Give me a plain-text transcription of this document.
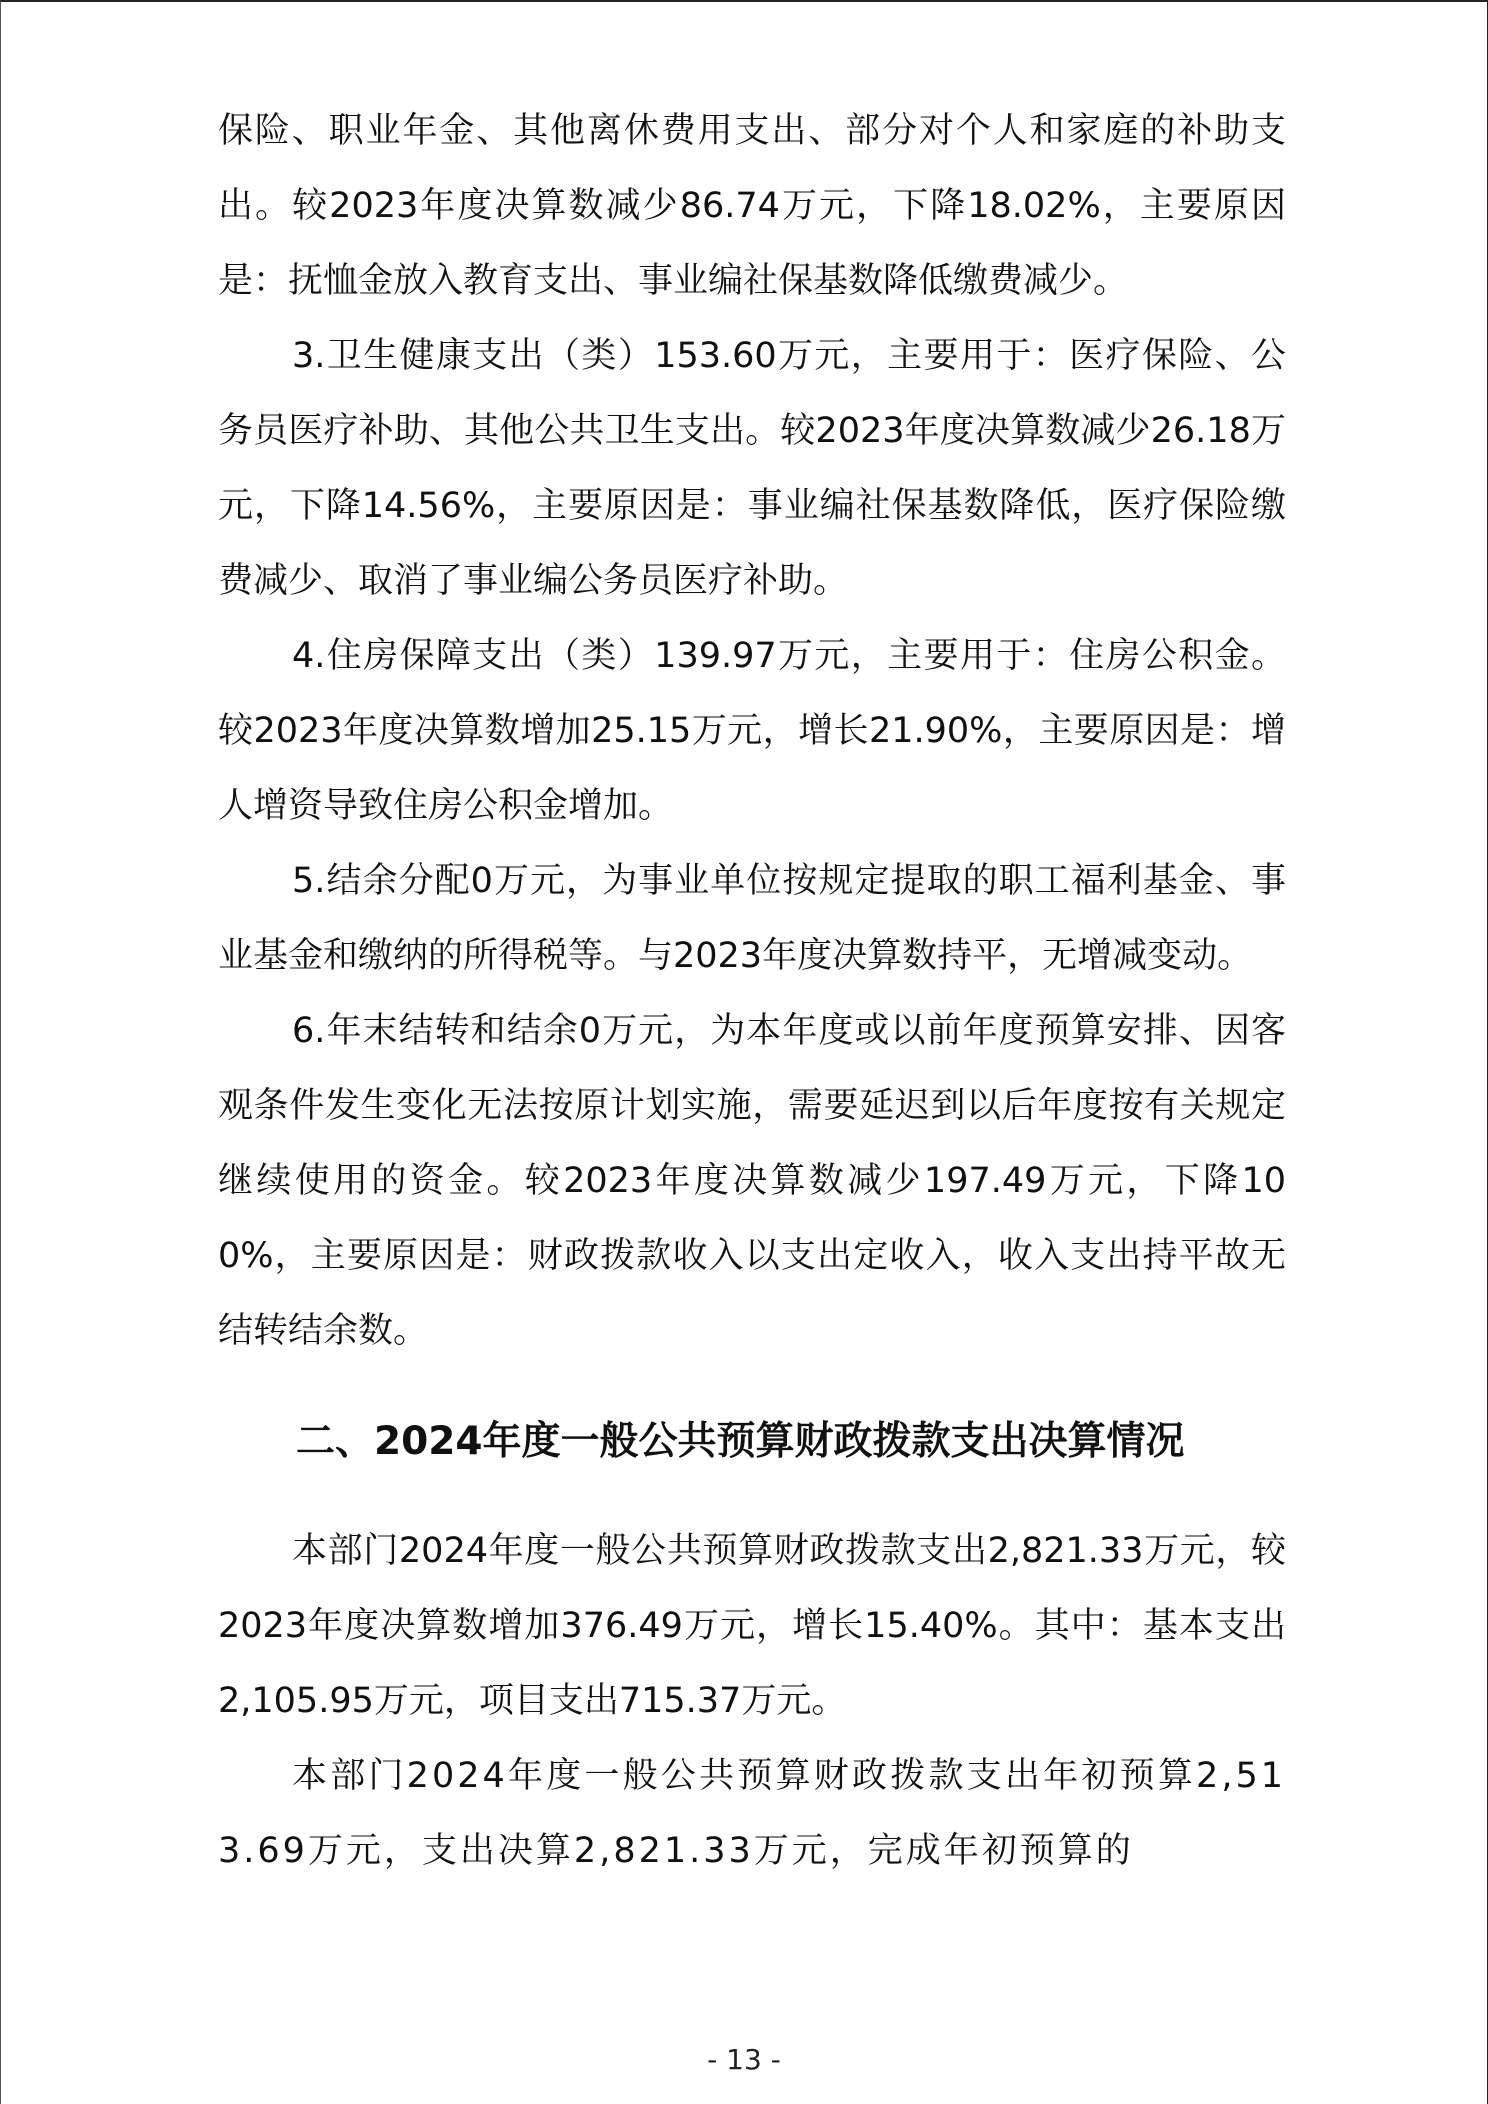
保险、职业年金、其他离休费用支出、部分对个人和家庭的补助支出。较2023年度决算数减少86.74万元，下降18.02%，主要原因是：抚恤金放入教育支出、事业编社保基数降低缴费减少。

3.卫生健康支出（类）153.60万元，主要用于：医疗保险、公务员医疗补助、其他公共卫生支出。较2023年度决算数减少26.18万元，下降14.56%，主要原因是：事业编社保基数降低，医疗保险缴费减少、取消了事业编公务员医疗补助。

4.住房保障支出（类）139.97万元，主要用于：住房公积金。较2023年度决算数增加25.15万元，增长21.90%，主要原因是：增人增资导致住房公积金增加。

5.结余分配0万元，为事业单位按规定提取的职工福利基金、事业基金和缴纳的所得税等。与2023年度决算数持平，无增减变动。

6.年末结转和结余0万元，为本年度或以前年度预算安排、因客观条件发生变化无法按原计划实施，需要延迟到以后年度按有关规定继续使用的资金。较2023年度决算数减少197.49万元，下降100%，主要原因是：财政拨款收入以支出定收入，收入支出持平故无结转结余数。

二、2024年度一般公共预算财政拨款支出决算情况

本部门2024年度一般公共预算财政拨款支出2,821.33万元，较2023年度决算数增加376.49万元，增长15.40%。其中：基本支出2,105.95万元，项目支出715.37万元。

本部门2024年度一般公共预算财政拨款支出年初预算2,513.69万元，支出决算2,821.33万元，完成年初预算的

- 13 -
